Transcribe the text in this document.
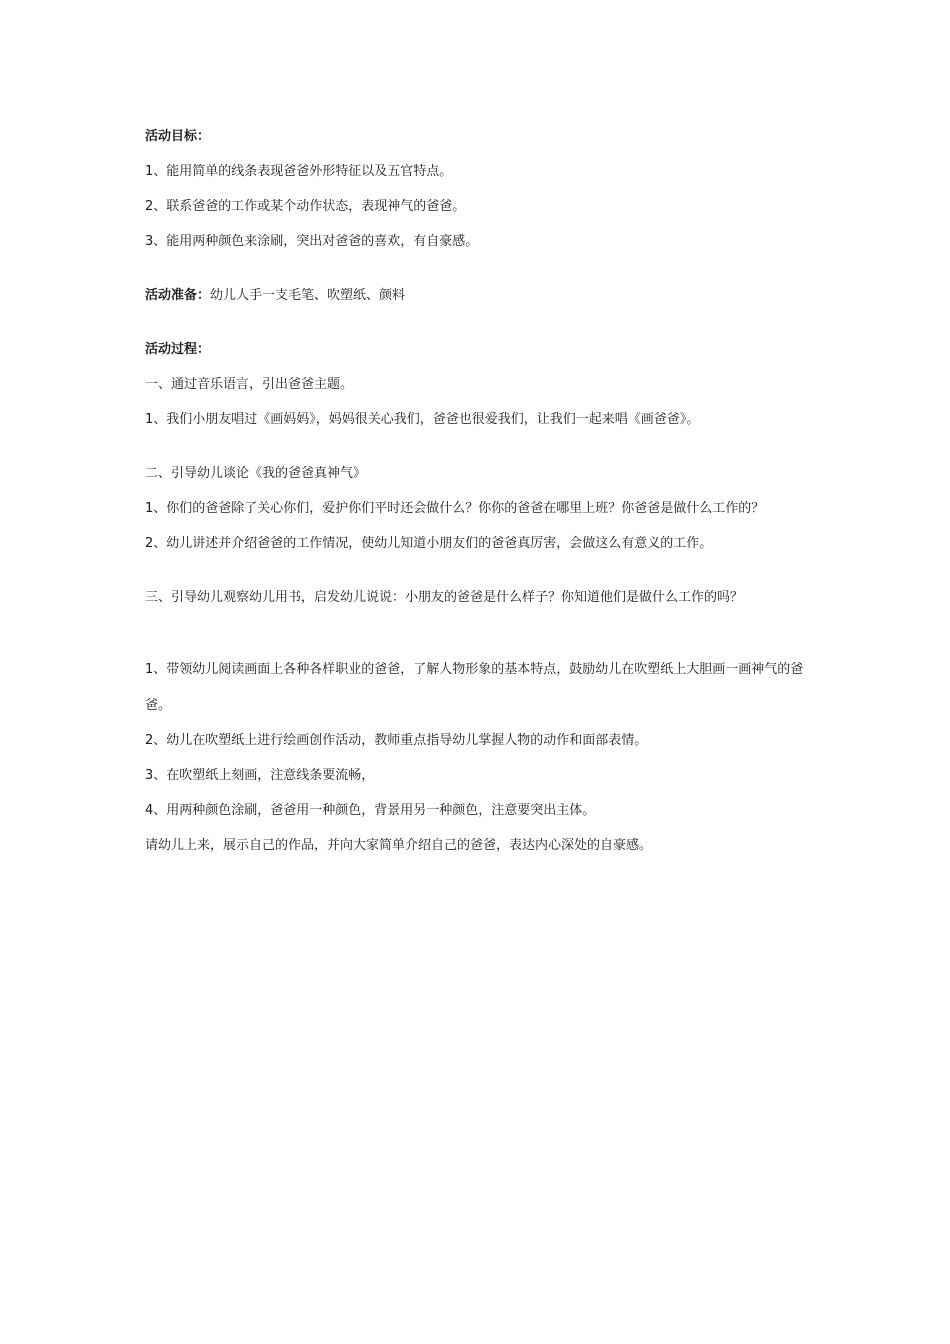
活动目标：

1、能用简单的线条表现爸爸外形特征以及五官特点。

2、联系爸爸的工作或某个动作状态，表现神气的爸爸。

3、能用两种颜色来涂刷，突出对爸爸的喜欢，有自豪感。

活动准备：幼儿人手一支毛笔、吹塑纸、颜料

活动过程：

一、通过音乐语言，引出爸爸主题。

1、我们小朋友唱过《画妈妈》，妈妈很关心我们，爸爸也很爱我们，让我们一起来唱《画爸爸》。

二、引导幼儿谈论《我的爸爸真神气》

1、你们的爸爸除了关心你们，爱护你们平时还会做什么？你你的爸爸在哪里上班？你爸爸是做什么工作的？

2、幼儿讲述并介绍爸爸的工作情况，使幼儿知道小朋友们的爸爸真厉害，会做这么有意义的工作。

三、引导幼儿观察幼儿用书，启发幼儿说说：小朋友的爸爸是什么样子？你知道他们是做什么工作的吗？

1、带领幼儿阅读画面上各种各样职业的爸爸，了解人物形象的基本特点，鼓励幼儿在吹塑纸上大胆画一画神气的爸爸。

2、幼儿在吹塑纸上进行绘画创作活动，教师重点指导幼儿掌握人物的动作和面部表情。

3、在吹塑纸上刻画，注意线条要流畅，

4、用两种颜色涂刷，爸爸用一种颜色，背景用另一种颜色，注意要突出主体。

请幼儿上来，展示自己的作品，并向大家简单介绍自己的爸爸，表达内心深处的自豪感。
